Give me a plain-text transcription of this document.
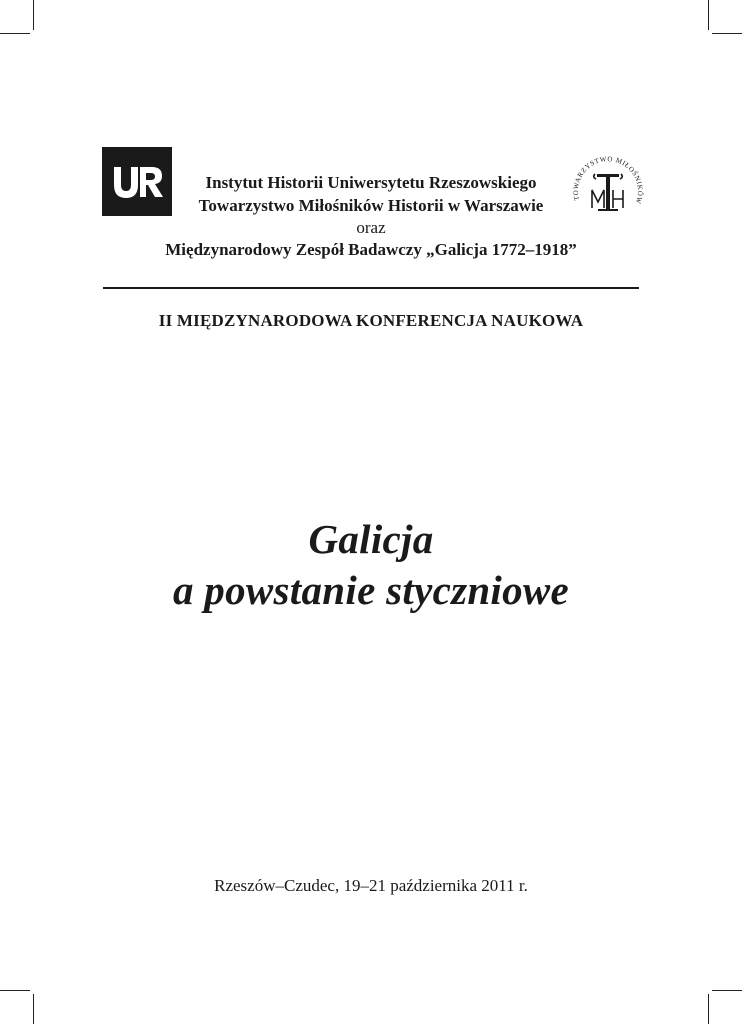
Instytut Historii Uniwersytetu Rzeszowskiego
Towarzystwo Miłośników Historii w Warszawie
oraz
Międzynarodowy Zespół Badawczy „Galicja 1772–1918”
TOWARZYSTWO MIŁOŚNIKÓW
II MIĘDZYNARODOWA KONFERENCJA NAUKOWA
Galicja
a powstanie styczniowe
Rzeszów–Czudec, 19–21 października 2011 r.
